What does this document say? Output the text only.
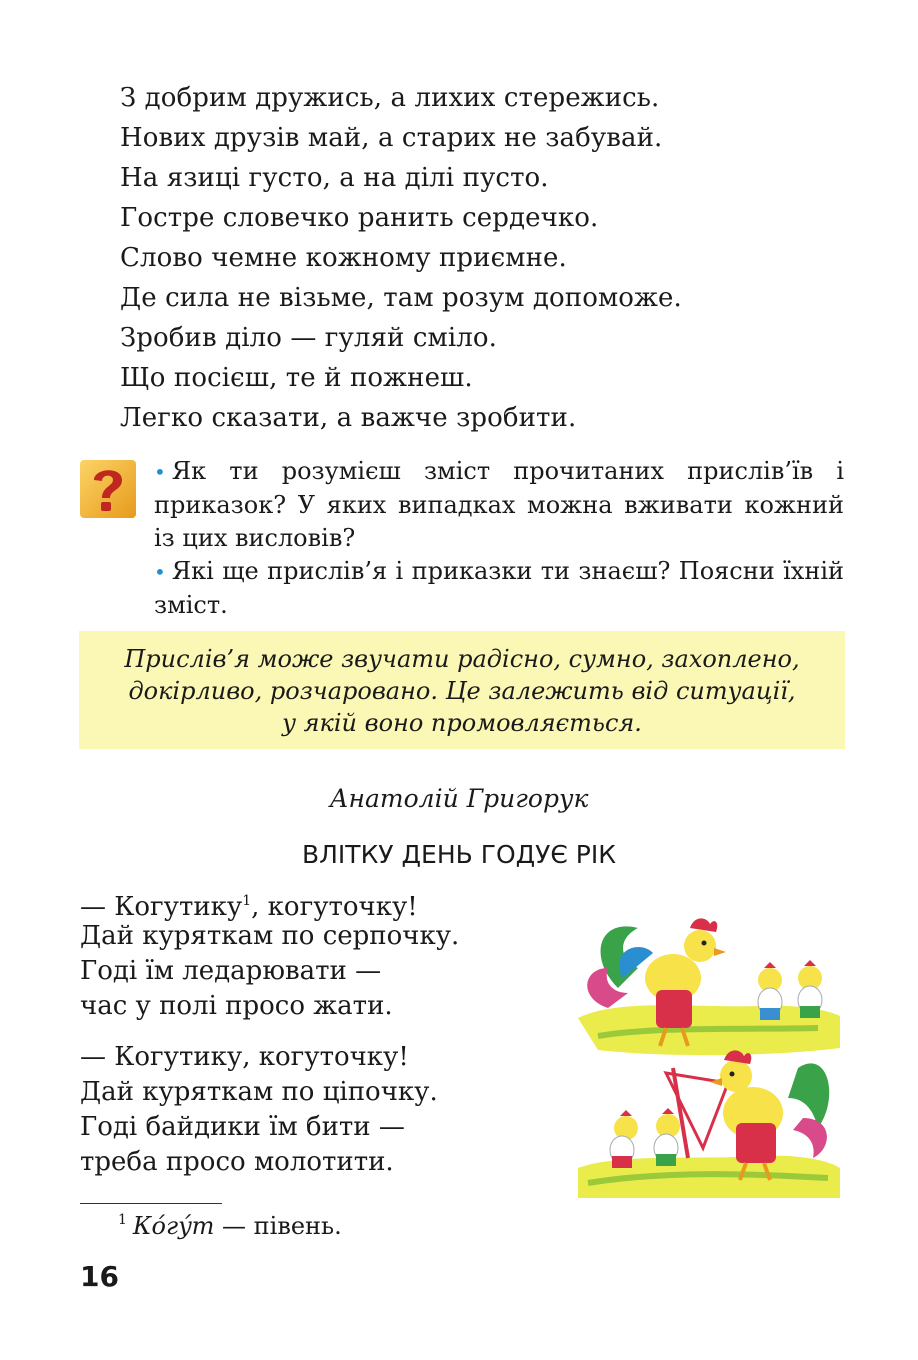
З добрим дружись, а лихих стережись.
Нових друзів май, а старих не забувай.
На язиці густо, а на ділі пусто.
Гостре словечко ранить сердечко.
Слово чемне кожному приємне.
Де сила не візьме, там розум допоможе.
Зробив діло — гуляй сміло.
Що посієш, те й пожнеш.
Легко сказати, а важче зробити.

• Як ти розумієш зміст прочитаних прислів’їв і приказок? У яких випадках можна вживати кожний із цих висловів?

• Які ще прислів’я і приказки ти знаєш? Поясни їхній зміст.

Прислів’я може звучати радісно, сумно, захоплено,
докірливо, розчаровано. Це залежить від ситуації,
у якій воно промовляється.
Анатолій Григорук
ВЛІТКУ ДЕНЬ ГОДУЄ РІК
— Когутику$^1$, когуточку!
Дай куряткам по серпочку.
Годі їм ледарювати —
час у полі просо жати.
— Когутику, когуточку!
Дай куряткам по ціпочку.
Годі байдики їм бити —
треба просо молотити.
$^1$ Кóгýт — півень.
16
